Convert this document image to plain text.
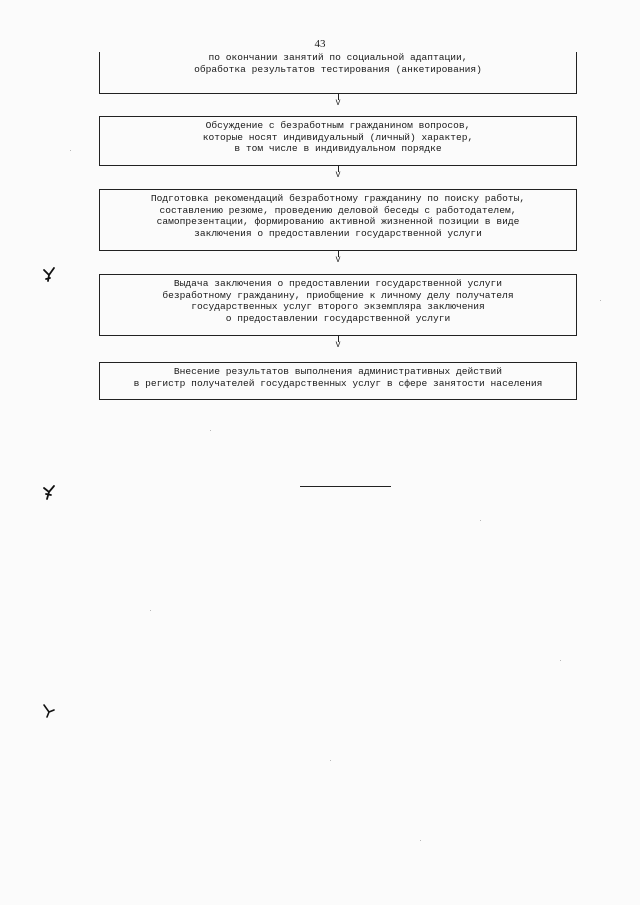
43
по окончании занятий по социальной адаптации,
обработка результатов тестирования (анкетирования)
V
Обсуждение с безработным гражданином вопросов,
которые носят индивидуальный (личный) характер,
в том числе в индивидуальном порядке
V
Подготовка рекомендаций безработному гражданину по поиску работы,
составлению резюме, проведению деловой беседы с работодателем,
самопрезентации, формированию активной жизненной позиции в виде
заключения о предоставлении государственной услуги
V
Выдача заключения о предоставлении государственной услуги
безработному гражданину, приобщение к личному делу получателя
государственных услуг второго экземпляра заключения
о предоставлении государственной услуги
V
Внесение результатов выполнения административных действий
в регистр получателей государственных услуг в сфере занятости населения
